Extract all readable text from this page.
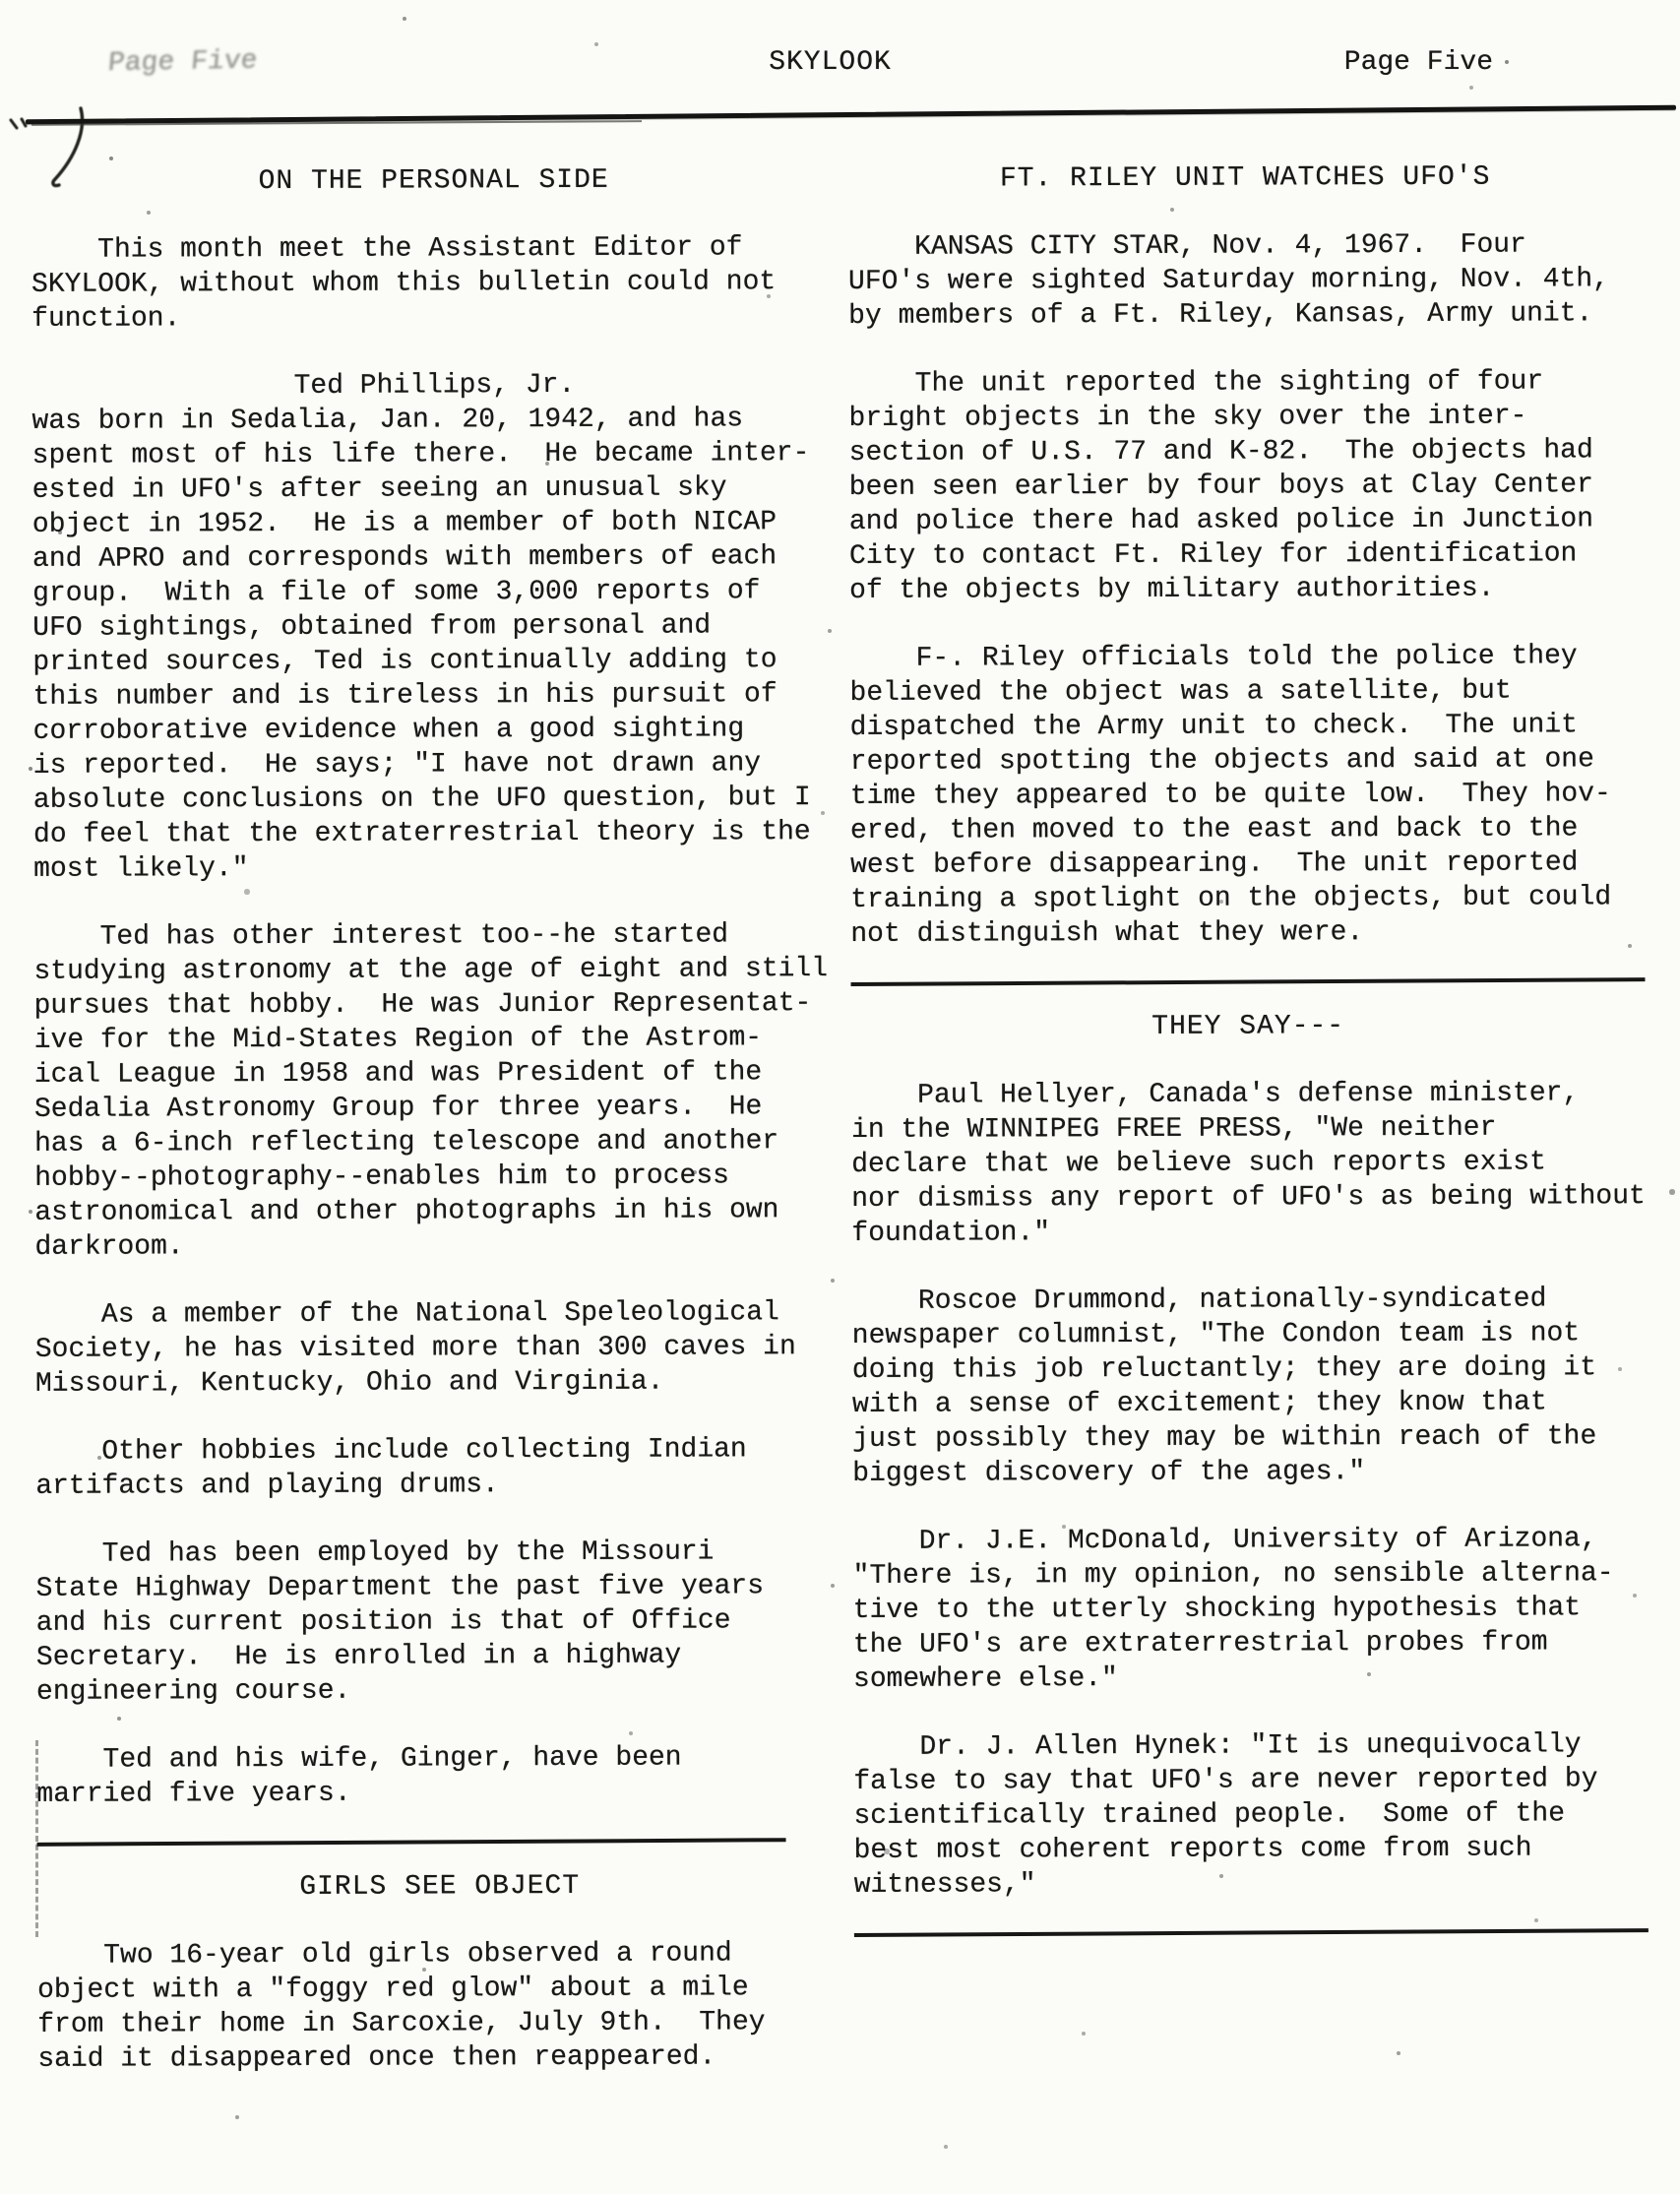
Page Five	SKYLOOK	Page Five
ON THE PERSONAL SIDE

This month meet the Assistant Editor of
SKYLOOK, without whom this bulletin could not
function.

Ted Phillips, Jr.

was born in Sedalia, Jan. 20, 1942, and has
spent most of his life there.  He became inter-
ested in UFO's after seeing an unusual sky
object in 1952.  He is a member of both NICAP
and APRO and corresponds with members of each
group.  With a file of some 3,000 reports of
UFO sightings, obtained from personal and
printed sources, Ted is continually adding to
this number and is tireless in his pursuit of
corroborative evidence when a good sighting
is reported.  He says; "I have not drawn any
absolute conclusions on the UFO question, but I
do feel that the extraterrestrial theory is the
most likely."

Ted has other interest too--he started
studying astronomy at the age of eight and still
pursues that hobby.  He was Junior Representat-
ive for the Mid-States Region of the Astrom-
ical League in 1958 and was President of the
Sedalia Astronomy Group for three years.  He
has a 6-inch reflecting telescope and another
hobby--photography--enables him to process
astronomical and other photographs in his own
darkroom.

As a member of the National Speleological
Society, he has visited more than 300 caves in
Missouri, Kentucky, Ohio and Virginia.

Other hobbies include collecting Indian
artifacts and playing drums.

Ted has been employed by the Missouri
State Highway Department the past five years
and his current position is that of Office
Secretary.  He is enrolled in a highway
engineering course.

Ted and his wife, Ginger, have been
married five years.

GIRLS SEE OBJECT

Two 16-year old girls observed a round
object with a "foggy red glow" about a mile
from their home in Sarcoxie, July 9th.  They
said it disappeared once then reappeared.

FT. RILEY UNIT WATCHES UFO'S

KANSAS CITY STAR, Nov. 4, 1967.  Four
UFO's were sighted Saturday morning, Nov. 4th,
by members of a Ft. Riley, Kansas, Army unit.

The unit reported the sighting of four
bright objects in the sky over the inter-
section of U.S. 77 and K-82.  The objects had
been seen earlier by four boys at Clay Center
and police there had asked police in Junction
City to contact Ft. Riley for identification
of the objects by military authorities.

F-. Riley officials told the police they
believed the object was a satellite, but
dispatched the Army unit to check.  The unit
reported spotting the objects and said at one
time they appeared to be quite low.  They hov-
ered, then moved to the east and back to the
west before disappearing.  The unit reported
training a spotlight on the objects, but could
not distinguish what they were.

THEY SAY---

Paul Hellyer, Canada's defense minister,
in the WINNIPEG FREE PRESS, "We neither
declare that we believe such reports exist
nor dismiss any report of UFO's as being without
foundation."

Roscoe Drummond, nationally-syndicated
newspaper columnist, "The Condon team is not
doing this job reluctantly; they are doing it
with a sense of excitement; they know that
just possibly they may be within reach of the
biggest discovery of the ages."

Dr. J.E. McDonald, University of Arizona,
"There is, in my opinion, no sensible alterna-
tive to the utterly shocking hypothesis that
the UFO's are extraterrestrial probes from
somewhere else."

Dr. J. Allen Hynek: "It is unequivocally
false to say that UFO's are never reported by
scientifically trained people.  Some of the
best most coherent reports come from such
witnesses,"
